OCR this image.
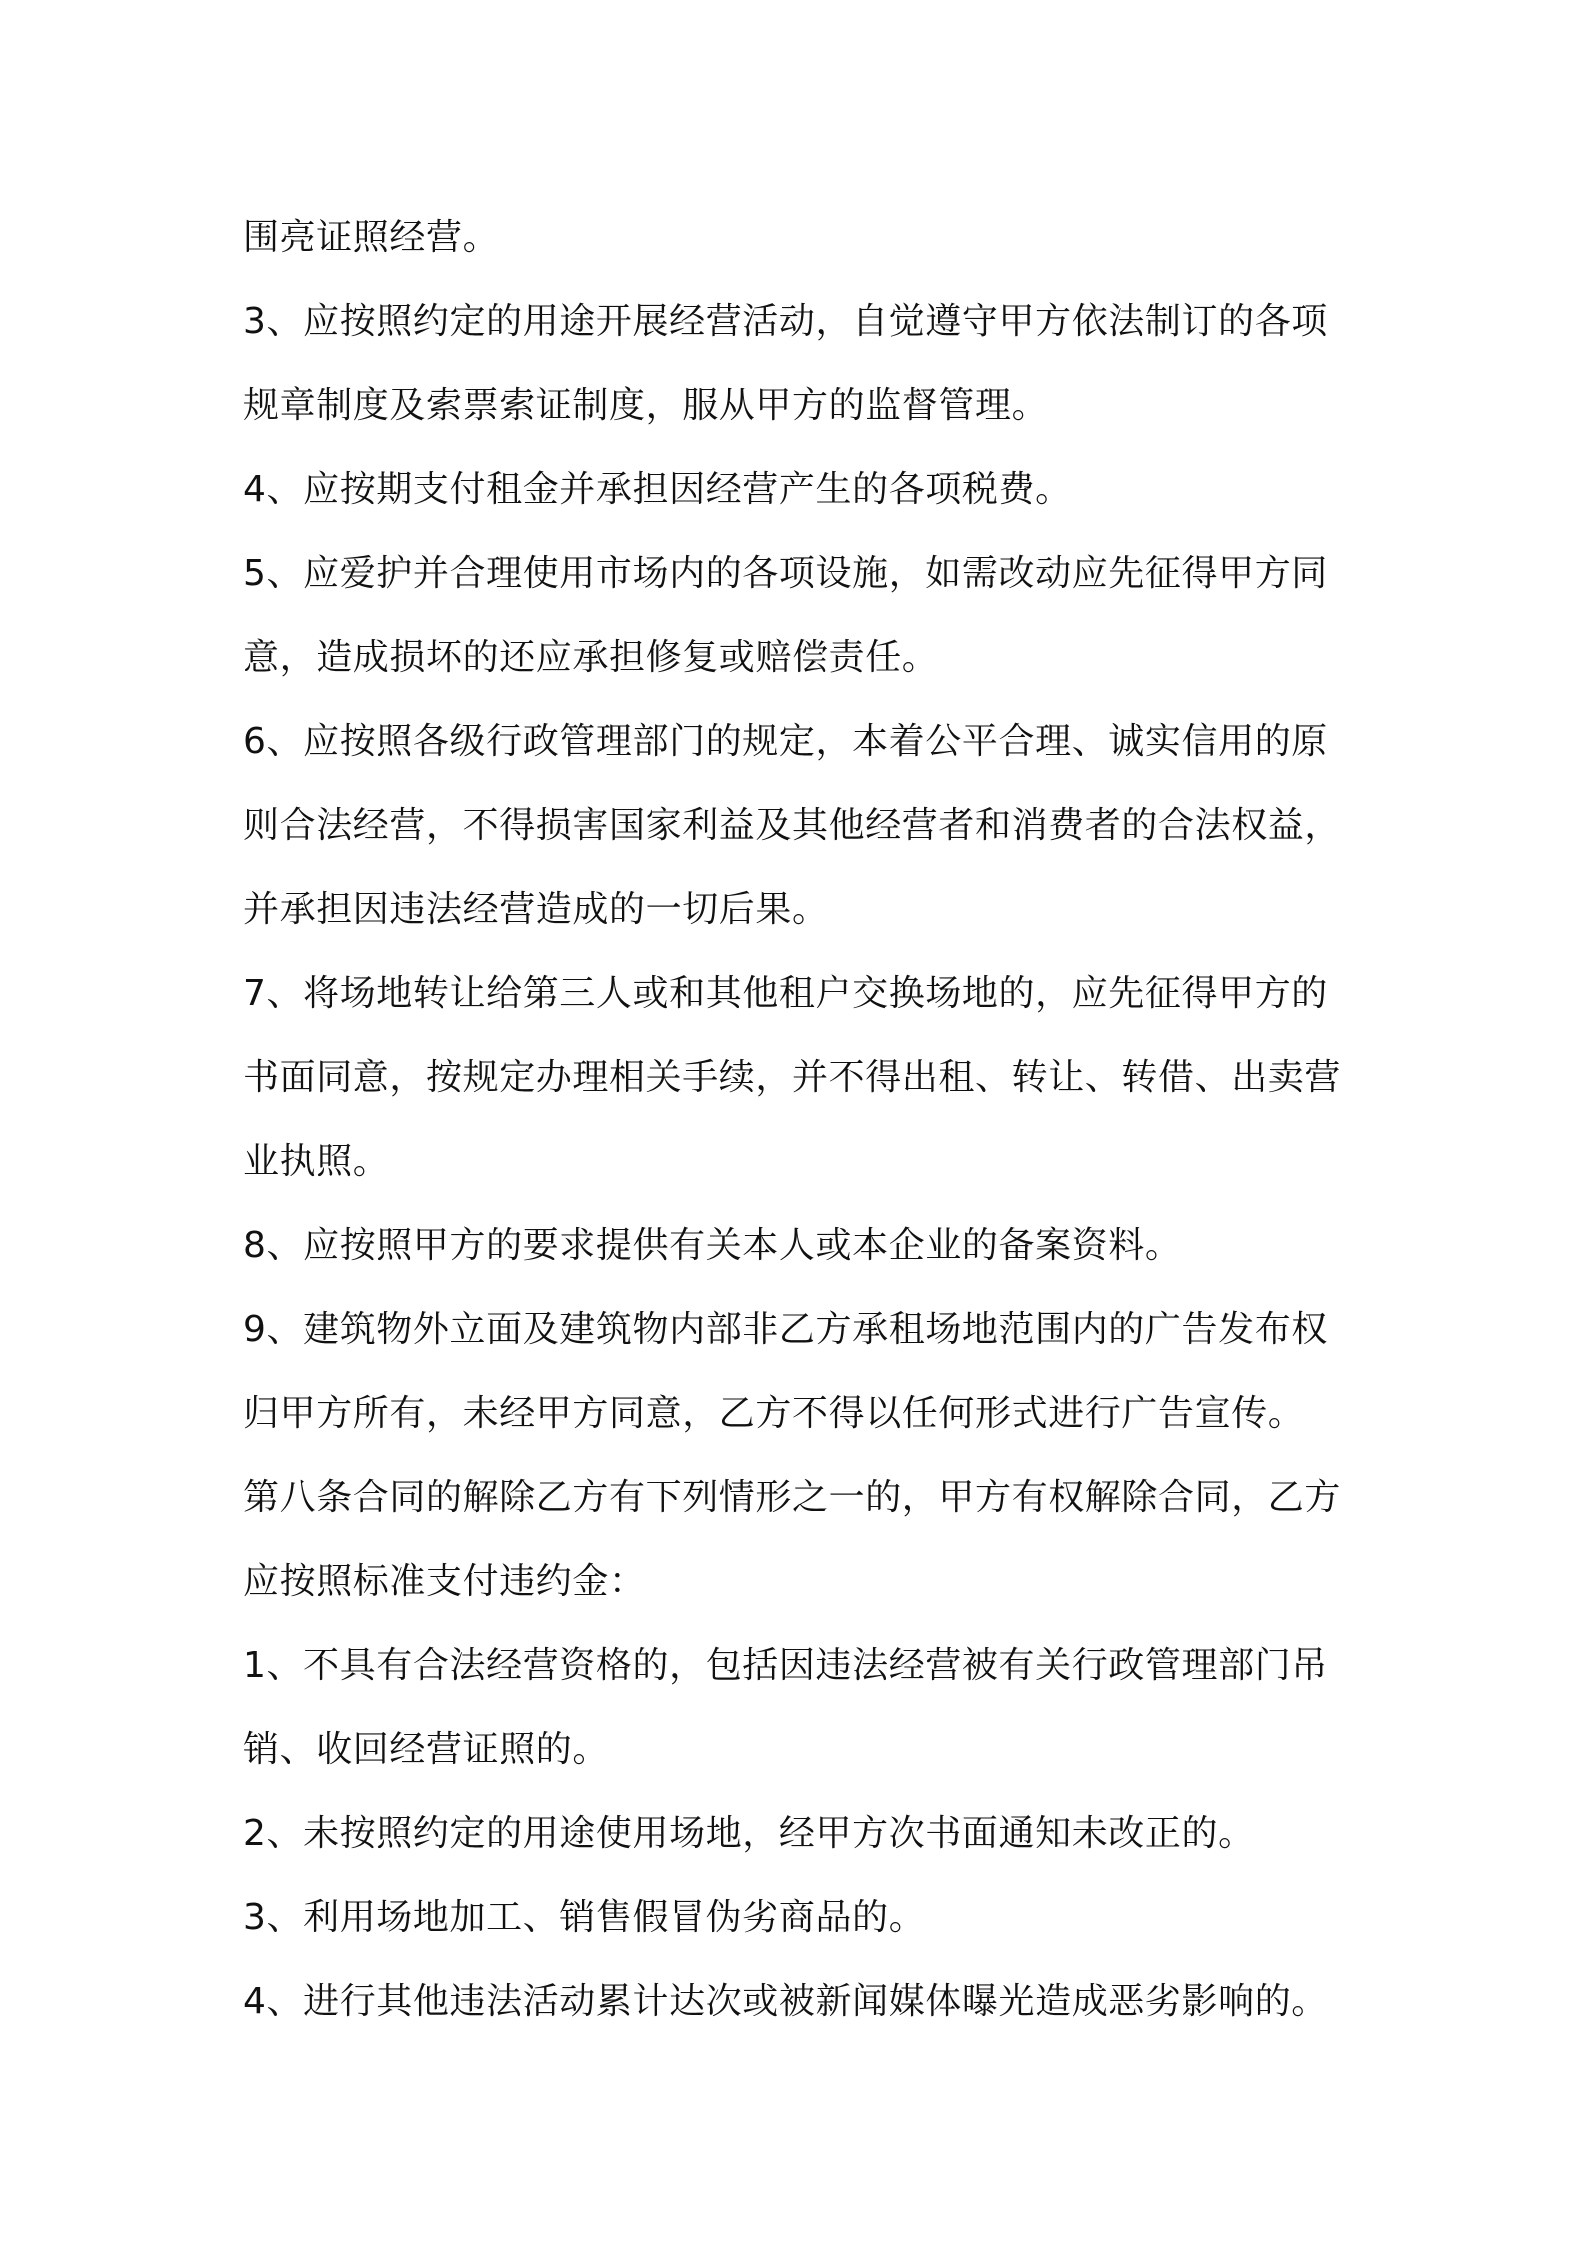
围亮证照经营。
3、应按照约定的用途开展经营活动，自觉遵守甲方依法制订的各项
规章制度及索票索证制度，服从甲方的监督管理。
4、应按期支付租金并承担因经营产生的各项税费。
5、应爱护并合理使用市场内的各项设施，如需改动应先征得甲方同
意，造成损坏的还应承担修复或赔偿责任。
6、应按照各级行政管理部门的规定，本着公平合理、诚实信用的原
则合法经营，不得损害国家利益及其他经营者和消费者的合法权益，
并承担因违法经营造成的一切后果。
7、将场地转让给第三人或和其他租户交换场地的，应先征得甲方的
书面同意，按规定办理相关手续，并不得出租、转让、转借、出卖营
业执照。
8、应按照甲方的要求提供有关本人或本企业的备案资料。
9、建筑物外立面及建筑物内部非乙方承租场地范围内的广告发布权
归甲方所有，未经甲方同意，乙方不得以任何形式进行广告宣传。
第八条合同的解除乙方有下列情形之一的，甲方有权解除合同，乙方
应按照标准支付违约金：
1、不具有合法经营资格的，包括因违法经营被有关行政管理部门吊
销、收回经营证照的。
2、未按照约定的用途使用场地，经甲方次书面通知未改正的。
3、利用场地加工、销售假冒伪劣商品的。
4、进行其他违法活动累计达次或被新闻媒体曝光造成恶劣影响的。
